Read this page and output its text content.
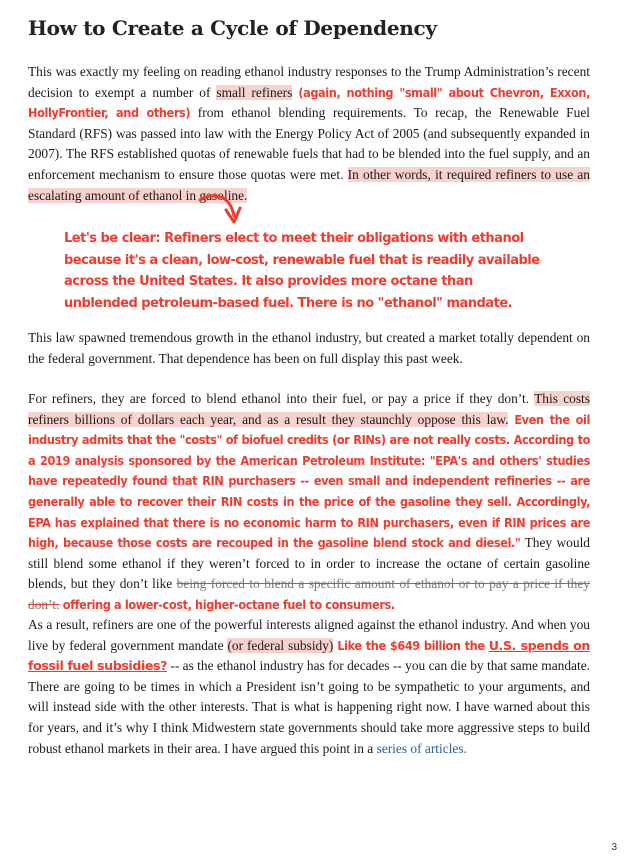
How to Create a Cycle of Dependency

This was exactly my feeling on reading ethanol industry responses to the Trump Administration’s recent decision to exempt a number of small refiners (again, nothing "small" about Chevron, Exxon, HollyFrontier, and others) from ethanol blending requirements. To recap, the Renewable Fuel Standard (RFS) was passed into law with the Energy Policy Act of 2005 (and subsequently expanded in 2007). The RFS established quotas of renewable fuels that had to be blended into the fuel supply, and an enforcement mechanism to ensure those quotas were met. In other words, it required refiners to use an escalating amount of ethanol in gasoline.

Let's be clear: Refiners elect to meet their obligations with ethanol because it's a clean, low-cost, renewable fuel that is readily available across the United States. It also provides more octane than unblended petroleum-based fuel. There is no "ethanol" mandate.

This law spawned tremendous growth in the ethanol industry, but created a market totally dependent on the federal government. That dependence has been on full display this past week.

For refiners, they are forced to blend ethanol into their fuel, or pay a price if they don’t. This costs refiners billions of dollars each year, and as a result they staunchly oppose this law. Even the oil industry admits that the "costs" of biofuel credits (or RINs) are not really costs. According to a 2019 analysis sponsored by the American Petroleum Institute: "EPA's and others' studies have repeatedly found that RIN purchasers -- even small and independent refineries -- are generally able to recover their RIN costs in the price of the gasoline they sell. Accordingly, EPA has explained that there is no economic harm to RIN purchasers, even if RIN prices are high, because those costs are recouped in the gasoline blend stock and diesel." They would still blend some ethanol if they weren’t forced to in order to increase the octane of certain gasoline blends, but they don’t like being forced to blend a specific amount of ethanol or to pay a price if they don’t. offering a lower-cost, higher-octane fuel to consumers.

As a result, refiners are one of the powerful interests aligned against the ethanol industry. And when you live by federal government mandate (or federal subsidy) Like the $649 billion the U.S. spends on fossil fuel subsidies? -- as the ethanol industry has for decades -- you can die by that same mandate. There are going to be times in which a President isn’t going to be sympathetic to your arguments, and will instead side with the other interests. That is what is happening right now. I have warned about this for years, and it’s why I think Midwestern state governments should take more aggressive steps to build robust ethanol markets in their area. I have argued this point in a series of articles.

3
